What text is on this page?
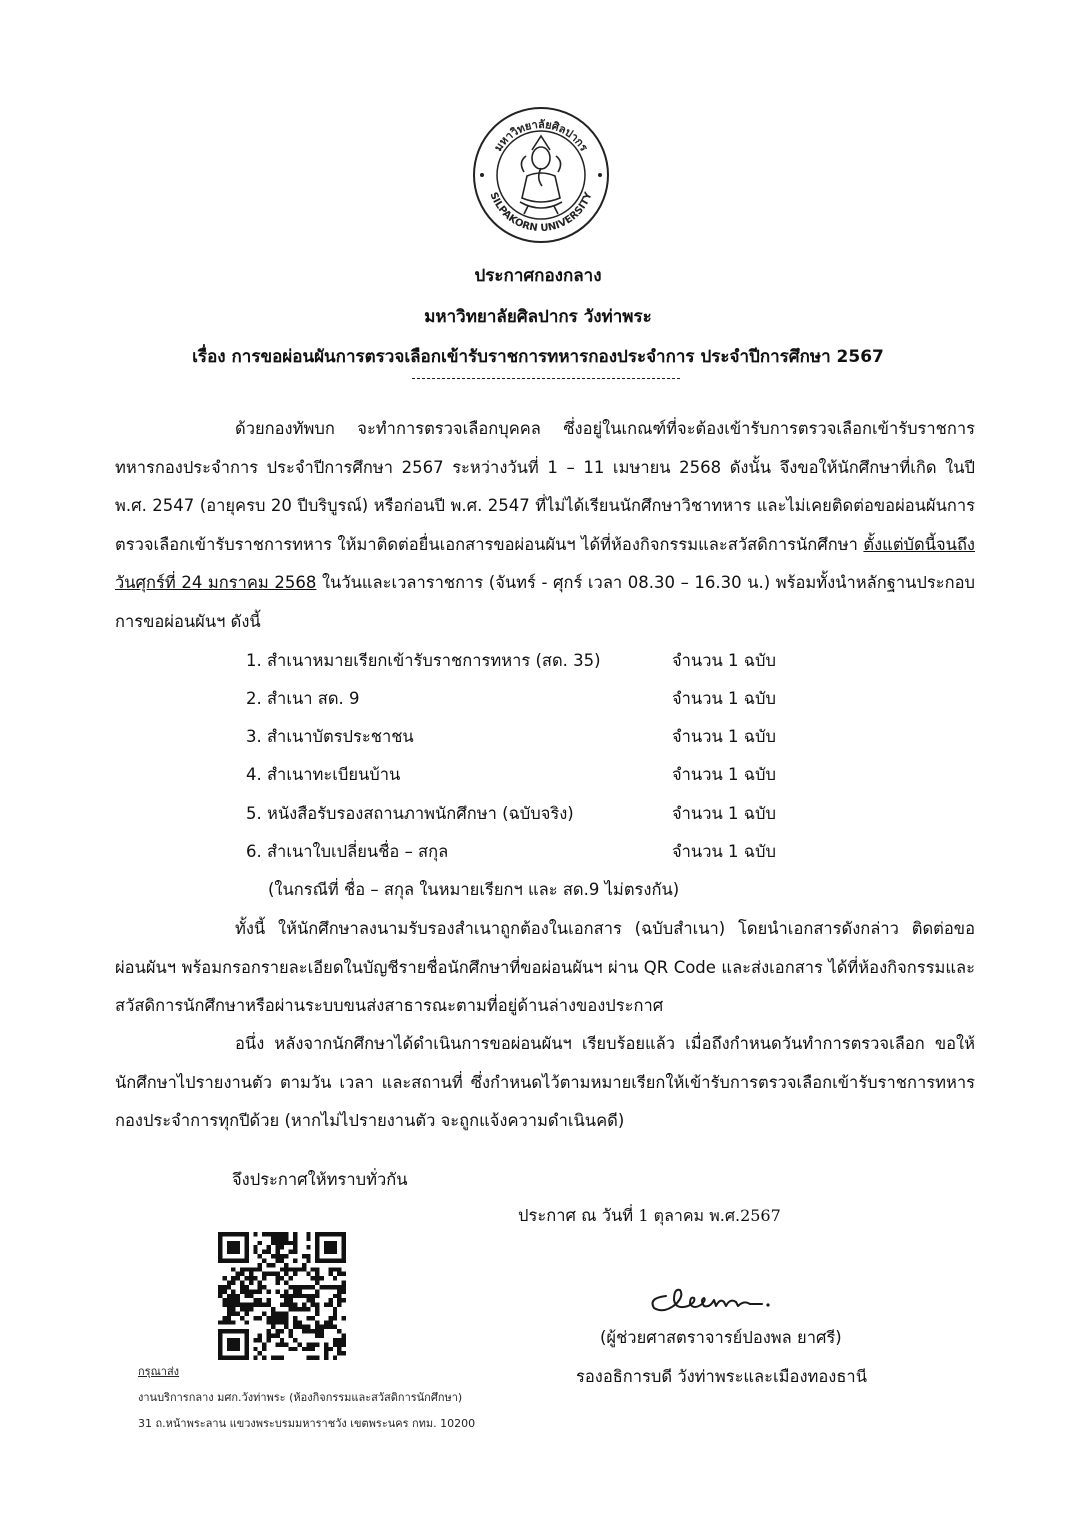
มหาวิทยาลัยศิลปากร
SILPAKORN UNIVERSITY
ประกาศกองกลาง
มหาวิทยาลัยศิลปากร วังท่าพระ
เรื่อง การขอผ่อนผันการตรวจเลือกเข้ารับราชการทหารกองประจำการ ประจำปีการศึกษา 2567

ด้วยกองทัพบก จะทำการตรวจเลือกบุคคล ซึ่งอยู่ในเกณฑ์ที่จะต้องเข้ารับการตรวจเลือกเข้ารับราชการทหารกองประจำการ ประจำปีการศึกษา 2567 ระหว่างวันที่ 1 – 11 เมษายน 2568 ดังนั้น จึงขอให้นักศึกษาที่เกิด ในปี พ.ศ. 2547 (อายุครบ 20 ปีบริบูรณ์) หรือก่อนปี พ.ศ. 2547 ที่ไม่ได้เรียนนักศึกษาวิชาทหาร และไม่เคยติดต่อขอผ่อนผันการตรวจเลือกเข้ารับราชการทหาร ให้มาติดต่อยื่นเอกสารขอผ่อนผันฯ ได้ที่ห้องกิจกรรมและสวัสดิการนักศึกษา ตั้งแต่บัดนี้จนถึง วันศุกร์ที่ 24 มกราคม 2568 ในวันและเวลาราชการ (จันทร์ - ศุกร์ เวลา 08.30 – 16.30 น.) พร้อมทั้งนำหลักฐานประกอบการขอผ่อนผันฯ ดังนี้

1. สำเนาหมายเรียกเข้ารับราชการทหาร (สด. 35)	จำนวน 1 ฉบับ
2. สำเนา สด. 9	จำนวน 1 ฉบับ
3. สำเนาบัตรประชาชน	จำนวน 1 ฉบับ
4. สำเนาทะเบียนบ้าน	จำนวน 1 ฉบับ
5. หนังสือรับรองสถานภาพนักศึกษา (ฉบับจริง)	จำนวน 1 ฉบับ
6. สำเนาใบเปลี่ยนชื่อ – สกุล	จำนวน 1 ฉบับ
(ในกรณีที่ ชื่อ – สกุล ในหมายเรียกฯ และ สด.9 ไม่ตรงกัน)

ทั้งนี้ ให้นักศึกษาลงนามรับรองสำเนาถูกต้องในเอกสาร (ฉบับสำเนา) โดยนำเอกสารดังกล่าว ติดต่อขอผ่อนผันฯ พร้อมกรอกรายละเอียดในบัญชีรายชื่อนักศึกษาที่ขอผ่อนผันฯ ผ่าน QR Code และส่งเอกสาร ได้ที่ห้องกิจกรรมและสวัสดิการนักศึกษาหรือผ่านระบบขนส่งสาธารณะตามที่อยู่ด้านล่างของประกาศ

อนึ่ง หลังจากนักศึกษาได้ดำเนินการขอผ่อนผันฯ เรียบร้อยแล้ว เมื่อถึงกำหนดวันทำการตรวจเลือก ขอให้นักศึกษาไปรายงานตัว ตามวัน เวลา และสถานที่ ซึ่งกำหนดไว้ตามหมายเรียกให้เข้ารับการตรวจเลือกเข้ารับราชการทหารกองประจำการทุกปีด้วย (หากไม่ไปรายงานตัว จะถูกแจ้งความดำเนินคดี)

จึงประกาศให้ทราบทั่วกัน
ประกาศ ณ วันที่ 1 ตุลาคม พ.ศ.2567
กรุณาส่ง
งานบริการกลาง มศก.วังท่าพระ (ห้องกิจกรรมและสวัสดิการนักศึกษา)
31 ถ.หน้าพระลาน แขวงพระบรมมหาราชวัง เขตพระนคร กทม. 10200
(ผู้ช่วยศาสตราจารย์ปองพล ยาศรี)
รองอธิการบดี วังท่าพระและเมืองทองธานี
